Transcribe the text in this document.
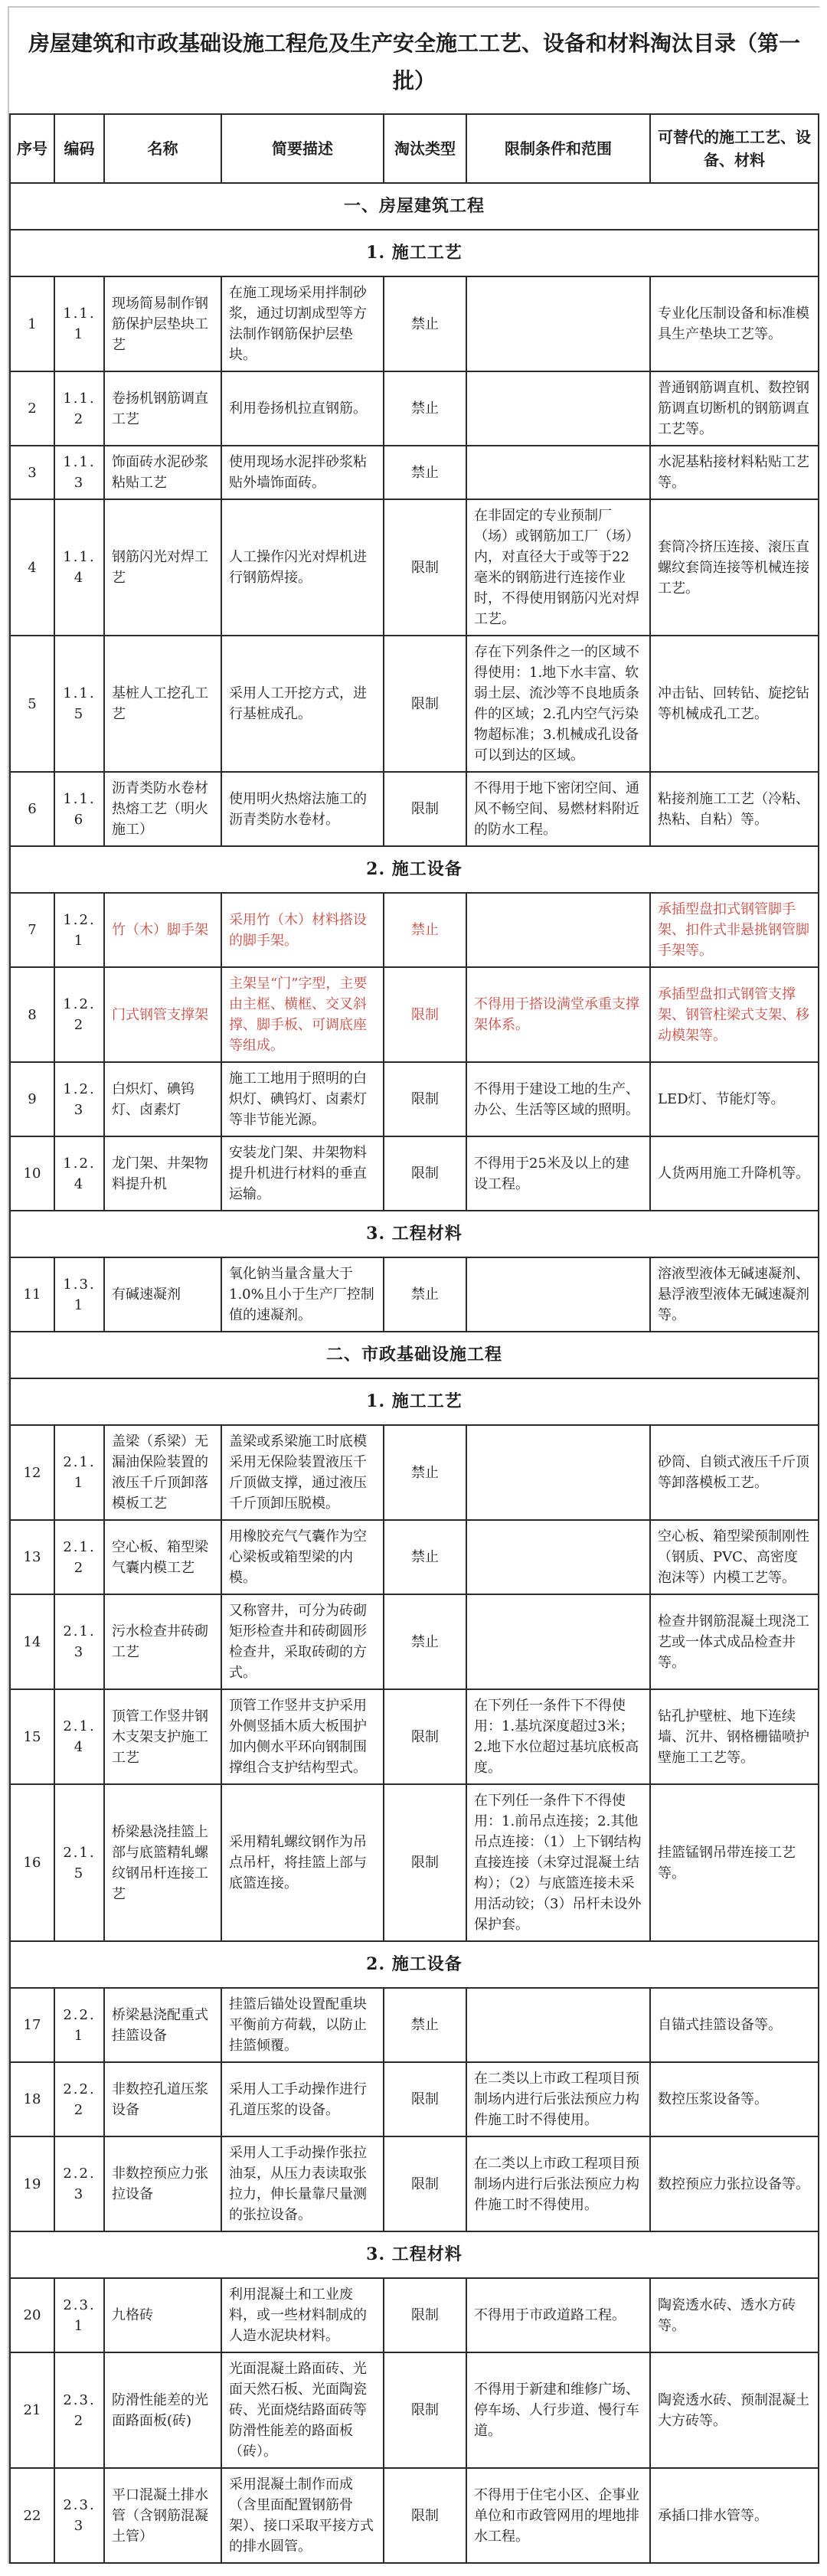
房屋建筑和市政基础设施工程危及生产安全施工工艺、设备和材料淘汰目录（第一批）
序号	编码	名称	简要描述	淘汰类型	限制条件和范围	可替代的施工工艺、设备、材料
一、房屋建筑工程						
1. 施工工艺						
1	1.1.1	现场简易制作钢筋保护层垫块工艺	在施工现场采用拌制砂浆，通过切割成型等方法制作钢筋保护层垫块。	禁止		专业化压制设备和标准模具生产垫块工艺等。
2	1.1.2	卷扬机钢筋调直工艺	利用卷扬机拉直钢筋。	禁止		普通钢筋调直机、数控钢筋调直切断机的钢筋调直工艺等。
3	1.1.3	饰面砖水泥砂浆粘贴工艺	使用现场水泥拌砂浆粘贴外墙饰面砖。	禁止		水泥基粘接材料粘贴工艺等。
4	1.1.4	钢筋闪光对焊工艺	人工操作闪光对焊机进行钢筋焊接。	限制	在非固定的专业预制厂（场）或钢筋加工厂（场）内，对直径大于或等于22毫米的钢筋进行连接作业时，不得使用钢筋闪光对焊工艺。	套筒冷挤压连接、滚压直螺纹套筒连接等机械连接工艺。
5	1.1.5	基桩人工挖孔工艺	采用人工开挖方式，进行基桩成孔。	限制	存在下列条件之一的区域不得使用：1.地下水丰富、软弱土层、流沙等不良地质条件的区域；2.孔内空气污染物超标准；3.机械成孔设备可以到达的区域。	冲击钻、回转钻、旋挖钻等机械成孔工艺。
6	1.1.6	沥青类防水卷材热熔工艺（明火施工）	使用明火热熔法施工的沥青类防水卷材。	限制	不得用于地下密闭空间、通风不畅空间、易燃材料附近的防水工程。	粘接剂施工工艺（冷粘、热粘、自粘）等。
2. 施工设备						
7	1.2.1	竹（木）脚手架	采用竹（木）材料搭设的脚手架。	禁止		承插型盘扣式钢管脚手架、扣件式非悬挑钢管脚手架等。
8	1.2.2	门式钢管支撑架	主架呈“门”字型，主要由主框、横框、交叉斜撑、脚手板、可调底座等组成。	限制	不得用于搭设满堂承重支撑架体系。	承插型盘扣式钢管支撑架、钢管柱梁式支架、移动模架等。
9	1.2.3	白炽灯、碘钨灯、卤素灯	施工工地用于照明的白炽灯、碘钨灯、卤素灯等非节能光源。	限制	不得用于建设工地的生产、办公、生活等区域的照明。	LED灯、节能灯等。
10	1.2.4	龙门架、井架物料提升机	安装龙门架、井架物料提升机进行材料的垂直运输。	限制	不得用于25米及以上的建设工程。	人货两用施工升降机等。
3. 工程材料						
11	1.3.1	有碱速凝剂	氧化钠当量含量大于1.0%且小于生产厂控制值的速凝剂。	禁止		溶液型液体无碱速凝剂、悬浮液型液体无碱速凝剂等。
二、市政基础设施工程						
1. 施工工艺						
12	2.1.1	盖梁（系梁）无漏油保险装置的液压千斤顶卸落模板工艺	盖梁或系梁施工时底模采用无保险装置液压千斤顶做支撑，通过液压千斤顶卸压脱模。	禁止		砂筒、自锁式液压千斤顶等卸落模板工艺。
13	2.1.2	空心板、箱型梁气囊内模工艺	用橡胶充气气囊作为空心梁板或箱型梁的内模。	禁止		空心板、箱型梁预制刚性（钢质、PVC、高密度泡沫等）内模工艺等。
14	2.1.3	污水检查井砖砌工艺	又称窨井，可分为砖砌矩形检查井和砖砌圆形检查井，采取砖砌的方式。	禁止		检查井钢筋混凝土现浇工艺或一体式成品检查井等。
15	2.1.4	顶管工作竖井钢木支架支护施工工艺	顶管工作竖井支护采用外侧竖插木质大板围护加内侧水平环向钢制围撑组合支护结构型式。	限制	在下列任一条件下不得使用：1.基坑深度超过3米；2.地下水位超过基坑底板高度。	钻孔护壁桩、地下连续墙、沉井、钢格栅锚喷护壁施工工艺等。
16	2.1.5	桥梁悬浇挂篮上部与底篮精轧螺纹钢吊杆连接工艺	采用精轧螺纹钢作为吊点吊杆，将挂篮上部与底篮连接。	限制	在下列任一条件下不得使用：1.前吊点连接；2.其他吊点连接：（1）上下钢结构直接连接（未穿过混凝土结构）；（2）与底篮连接未采用活动铰；（3）吊杆未设外保护套。	挂篮锰钢吊带连接工艺等。
2. 施工设备						
17	2.2.1	桥梁悬浇配重式挂篮设备	挂篮后锚处设置配重块平衡前方荷载，以防止挂篮倾覆。	禁止		自锚式挂篮设备等。
18	2.2.2	非数控孔道压浆设备	采用人工手动操作进行孔道压浆的设备。	限制	在二类以上市政工程项目预制场内进行后张法预应力构件施工时不得使用。	数控压浆设备等。
19	2.2.3	非数控预应力张拉设备	采用人工手动操作张拉油泵，从压力表读取张拉力，伸长量靠尺量测的张拉设备。	限制	在二类以上市政工程项目预制场内进行后张法预应力构件施工时不得使用。	数控预应力张拉设备等。
3. 工程材料						
20	2.3.1	九格砖	利用混凝土和工业废料，或一些材料制成的人造水泥块材料。	限制	不得用于市政道路工程。	陶瓷透水砖、透水方砖等。
21	2.3.2	防滑性能差的光面路面板(砖)	光面混凝土路面砖、光面天然石板、光面陶瓷砖、光面烧结路面砖等防滑性能差的路面板（砖）。	限制	不得用于新建和维修广场、停车场、人行步道、慢行车道。	陶瓷透水砖、预制混凝土大方砖等。
22	2.3.3	平口混凝土排水管（含钢筋混凝土管）	采用混凝土制作而成（含里面配置钢筋骨架）、接口采取平接方式的排水圆管。	限制	不得用于住宅小区、企事业单位和市政管网用的埋地排水工程。	承插口排水管等。
